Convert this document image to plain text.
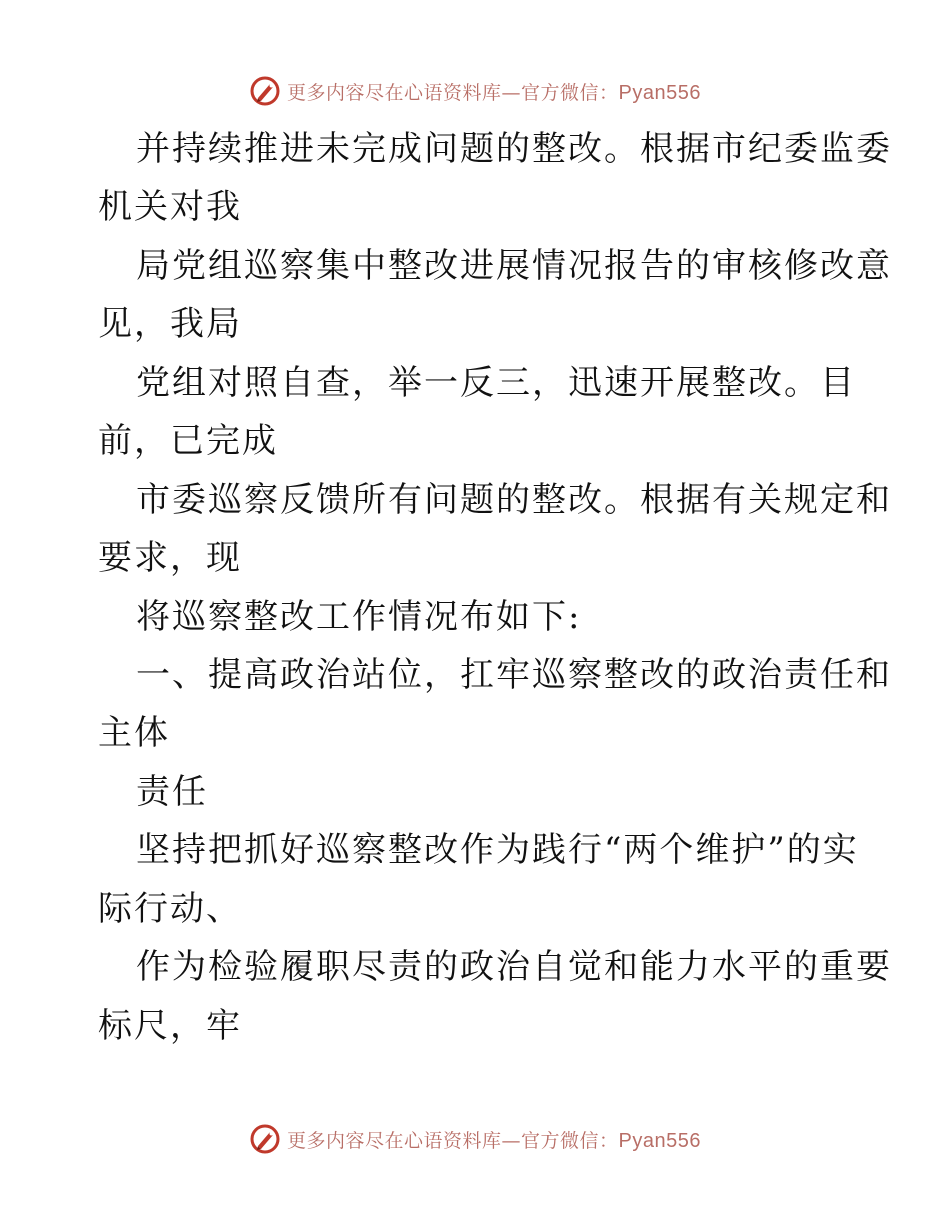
更多内容尽在心语资料库—官方微信：Pyan556
并持续推进未完成问题的整改。根据市纪委监委
机关对我
局党组巡察集中整改进展情况报告的审核修改意
见，我局
党组对照自查，举一反三，迅速开展整改。目
前，已完成
市委巡察反馈所有问题的整改。根据有关规定和
要求，现
将巡察整改工作情况布如下:
一、提高政治站位，扛牢巡察整改的政治责任和
主体
责任
坚持把抓好巡察整改作为践行“两个维护”的实
际行动、
作为检验履职尽责的政治自觉和能力水平的重要
标尺，牢
更多内容尽在心语资料库—官方微信：Pyan556
